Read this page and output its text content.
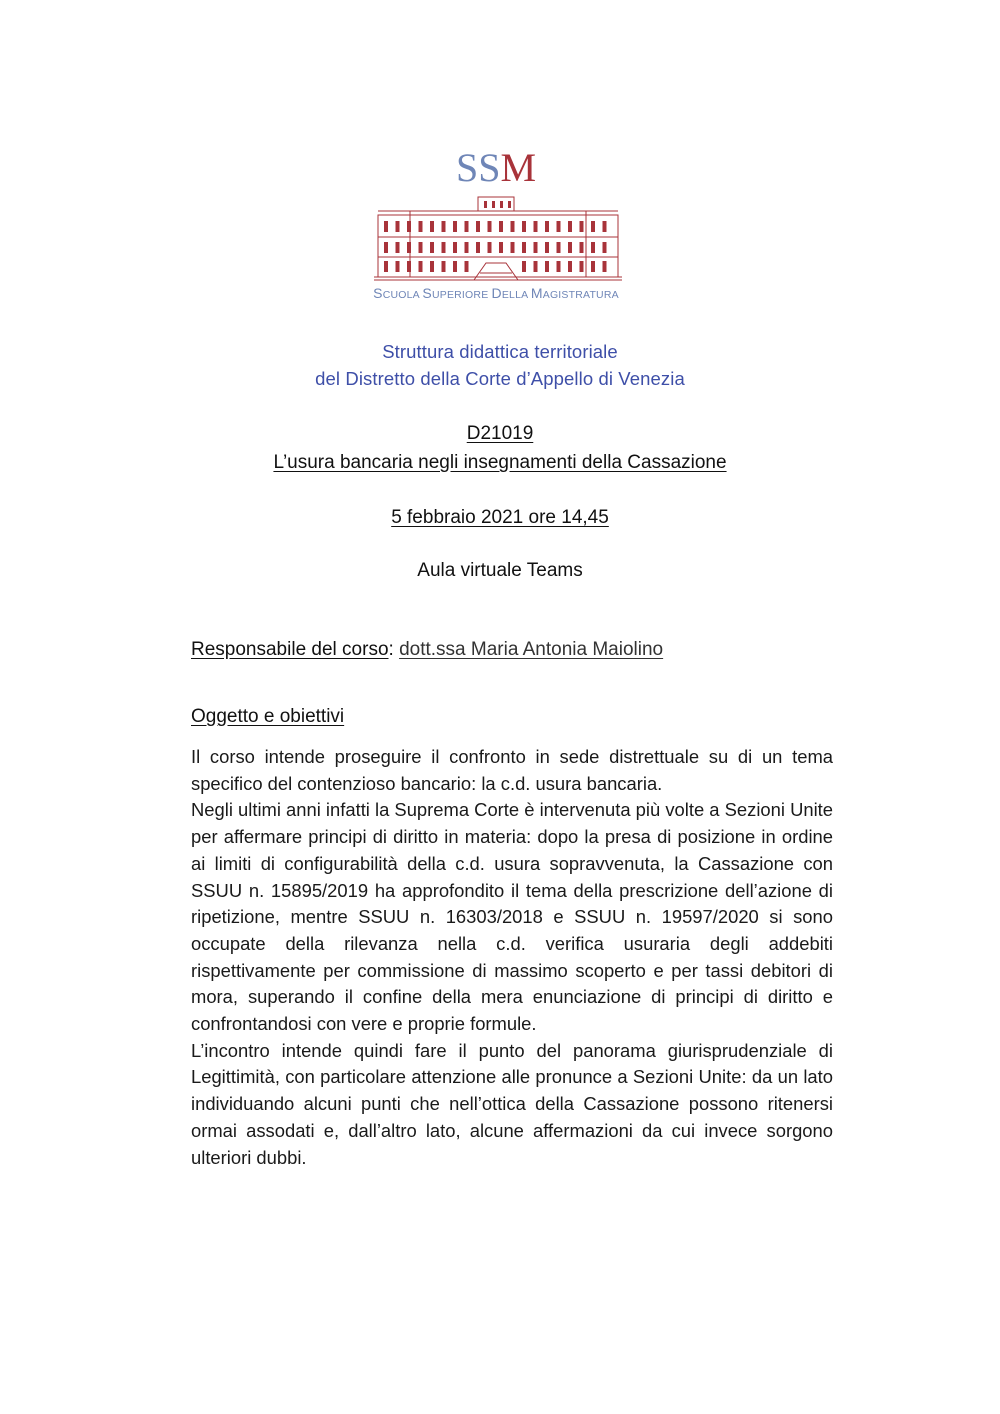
SSM
SCUOLA SUPERIORE DELLA MAGISTRATURA
Struttura didattica territoriale
del Distretto della Corte d’Appello di Venezia
D21019
L’usura bancaria negli insegnamenti della Cassazione
5 febbraio 2021 ore 14,45
Aula virtuale Teams
Responsabile del corso: dott.ssa Maria Antonia Maiolino
Oggetto e obiettivi

Il corso intende proseguire il confronto in sede distrettuale su di un tema specifico del contenzioso bancario: la c.d. usura bancaria.

Negli ultimi anni infatti la Suprema Corte è intervenuta più volte a Sezioni Unite per affermare principi di diritto in materia: dopo la presa di posizione in ordine ai limiti di configurabilità della c.d. usura sopravvenuta, la Cassazione con SSUU n. 15895/2019 ha approfondito il tema della prescrizione dell’azione di ripetizione, mentre SSUU n. 16303/2018 e SSUU n. 19597/2020 si sono occupate della rilevanza nella c.d. verifica usuraria degli addebiti rispettivamente per commissione di massimo scoperto e per tassi debitori di mora, superando il confine della mera enunciazione di principi di diritto e confrontandosi con vere e proprie formule.

L’incontro intende quindi fare il punto del panorama giurisprudenziale di Legittimità, con particolare attenzione alle pronunce a Sezioni Unite: da un lato individuando alcuni punti che nell’ottica della Cassazione possono ritenersi ormai assodati e, dall’altro lato, alcune affermazioni da cui invece sorgono ulteriori dubbi.
